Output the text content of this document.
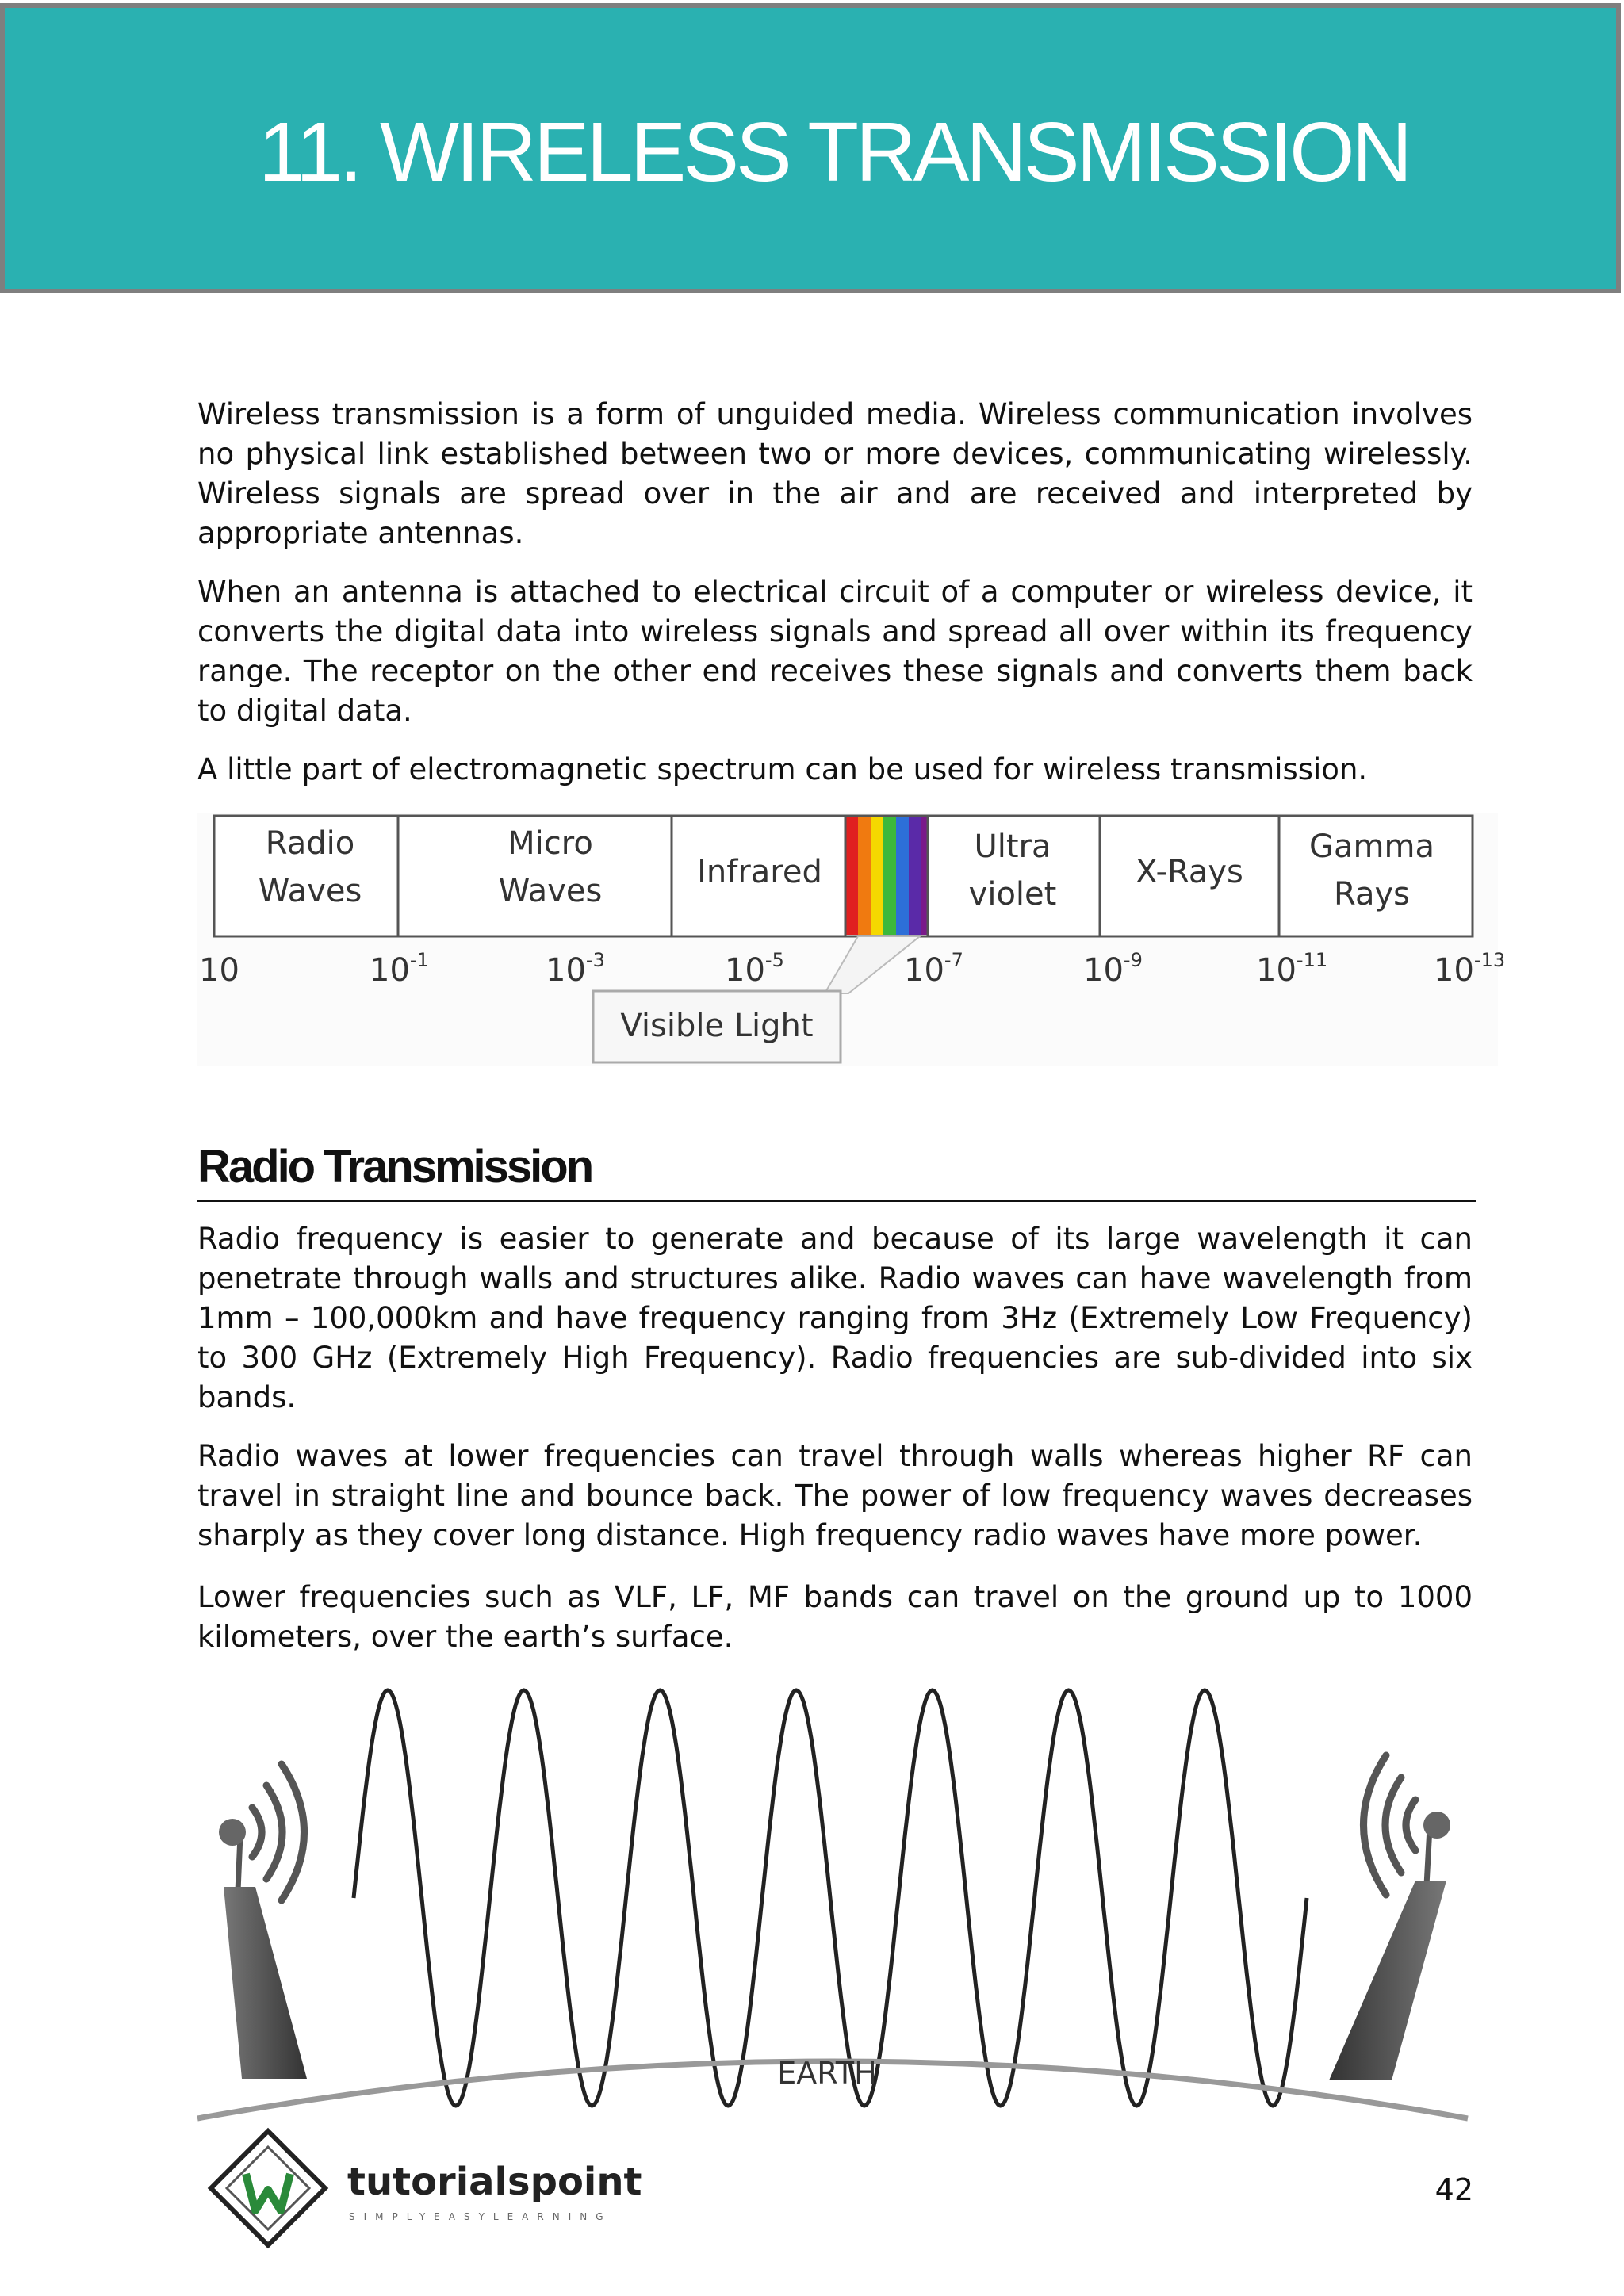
11. WIRELESS TRANSMISSION

Wireless transmission is a form of unguided media. Wireless communication involves no physical link established between two or more devices, communicating wirelessly. Wireless signals are spread over in the air and are received and interpreted by appropriate antennas.

When an antenna is attached to electrical circuit of a computer or wireless device, it converts the digital data into wireless signals and spread all over within its frequency range. The receptor on the other end receives these signals and converts them back to digital data.

A little part of electromagnetic spectrum can be used for wireless transmission.

Radio
Waves
Micro
Waves
Infrared
Ultra
violet
X-Rays
Gamma
Rays
10	$10^{-1}$	$10^{-3}$	$10^{-5}$	$10^{-7}$	$10^{-9}$	$10^{-11}$	$10^{-13}$
Visible Light
Radio Transmission

Radio frequency is easier to generate and because of its large wavelength it can penetrate through walls and structures alike. Radio waves can have wavelength from 1mm – 100,000km and have frequency ranging from 3Hz (Extremely Low Frequency) to 300 GHz (Extremely High Frequency). Radio frequencies are sub-divided into six bands.

Radio waves at lower frequencies can travel through walls whereas higher RF can travel in straight line and bounce back. The power of low frequency waves decreases sharply as they cover long distance. High frequency radio waves have more power.

Lower frequencies such as VLF, LF, MF bands can travel on the ground up to 1000 kilometers, over the earth’s surface.

EARTH
tutorialspoint
SIMPLYEASYLEARNING
42
